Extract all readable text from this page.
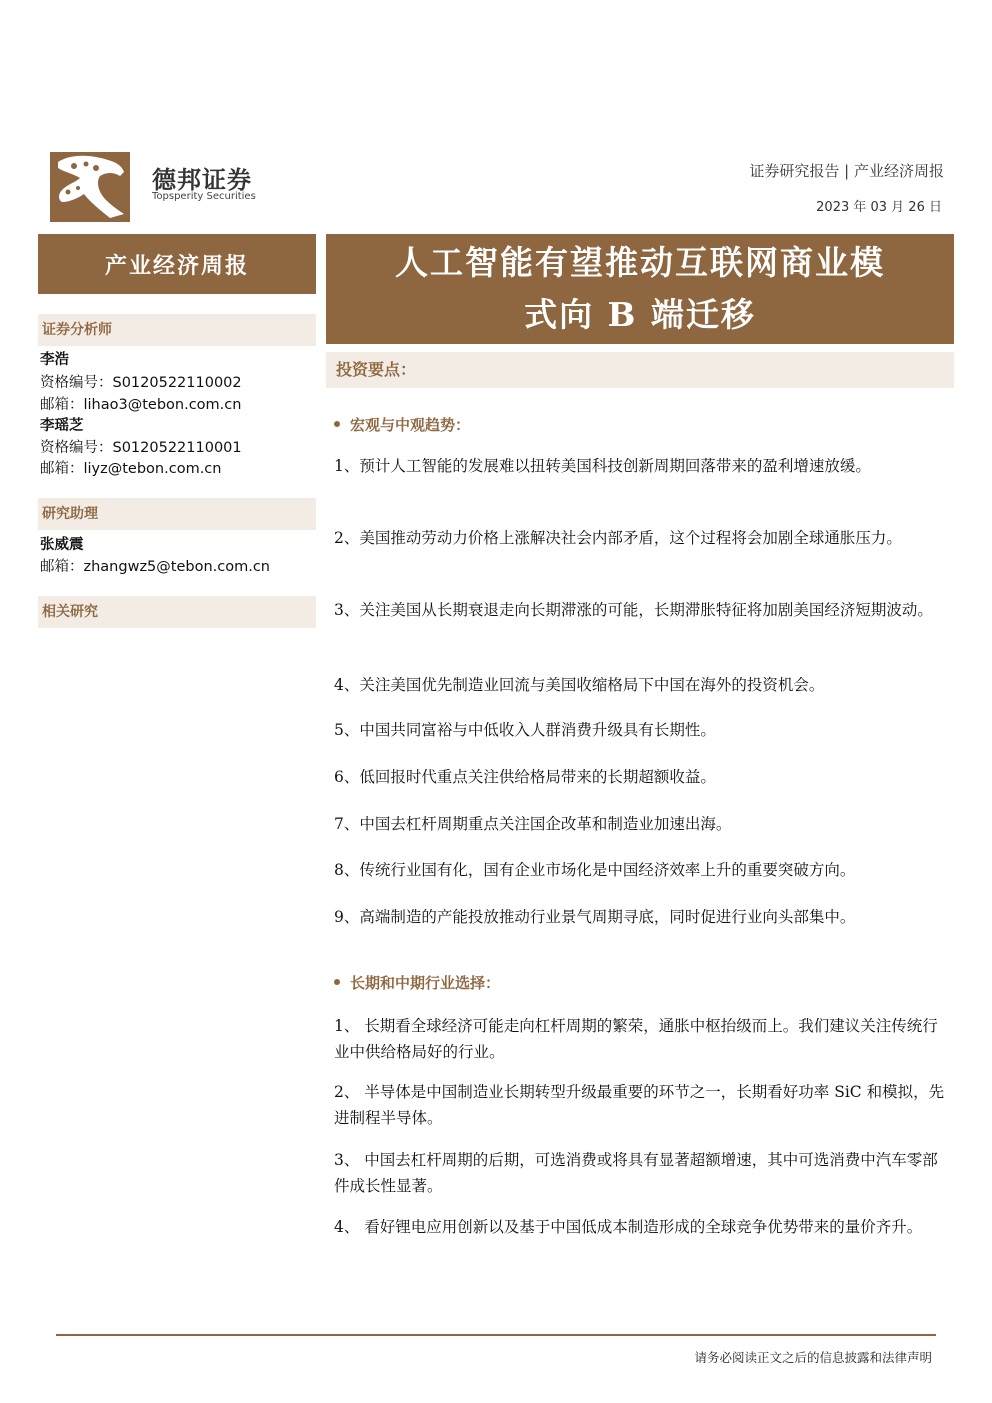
德邦证券
Topsperity Securities
证券研究报告 | 产业经济周报
2023 年 03 月 26 日
产业经济周报	人工智能有望推动互联网商业模
式向 B 端迁移
证券分析师
李浩
资格编号：S0120522110002
邮箱：lihao3@tebon.com.cn
李瑶芝
资格编号：S0120522110001
邮箱：liyz@tebon.com.cn
研究助理
张威震
邮箱：zhangwz5@tebon.com.cn
相关研究
投资要点：
宏观与中观趋势：
1、预计人工智能的发展难以扭转美国科技创新周期回落带来的盈利增速放缓。
2、美国推动劳动力价格上涨解决社会内部矛盾，这个过程将会加剧全球通胀压力。
3、关注美国从长期衰退走向长期滞涨的可能，长期滞胀特征将加剧美国经济短期波动。
4、关注美国优先制造业回流与美国收缩格局下中国在海外的投资机会。
5、中国共同富裕与中低收入人群消费升级具有长期性。
6、低回报时代重点关注供给格局带来的长期超额收益。
7、中国去杠杆周期重点关注国企改革和制造业加速出海。
8、传统行业国有化，国有企业市场化是中国经济效率上升的重要突破方向。
9、高端制造的产能投放推动行业景气周期寻底，同时促进行业向头部集中。
长期和中期行业选择：
1、 长期看全球经济可能走向杠杆周期的繁荣，通胀中枢抬级而上。我们建议关注传统行业中供给格局好的行业。
2、 半导体是中国制造业长期转型升级最重要的环节之一，长期看好功率 SiC 和模拟，先进制程半导体。
3、 中国去杠杆周期的后期，可选消费或将具有显著超额增速，其中可选消费中汽车零部件成长性显著。
4、 看好锂电应用创新以及基于中国低成本制造形成的全球竞争优势带来的量价齐升。
请务必阅读正文之后的信息披露和法律声明
